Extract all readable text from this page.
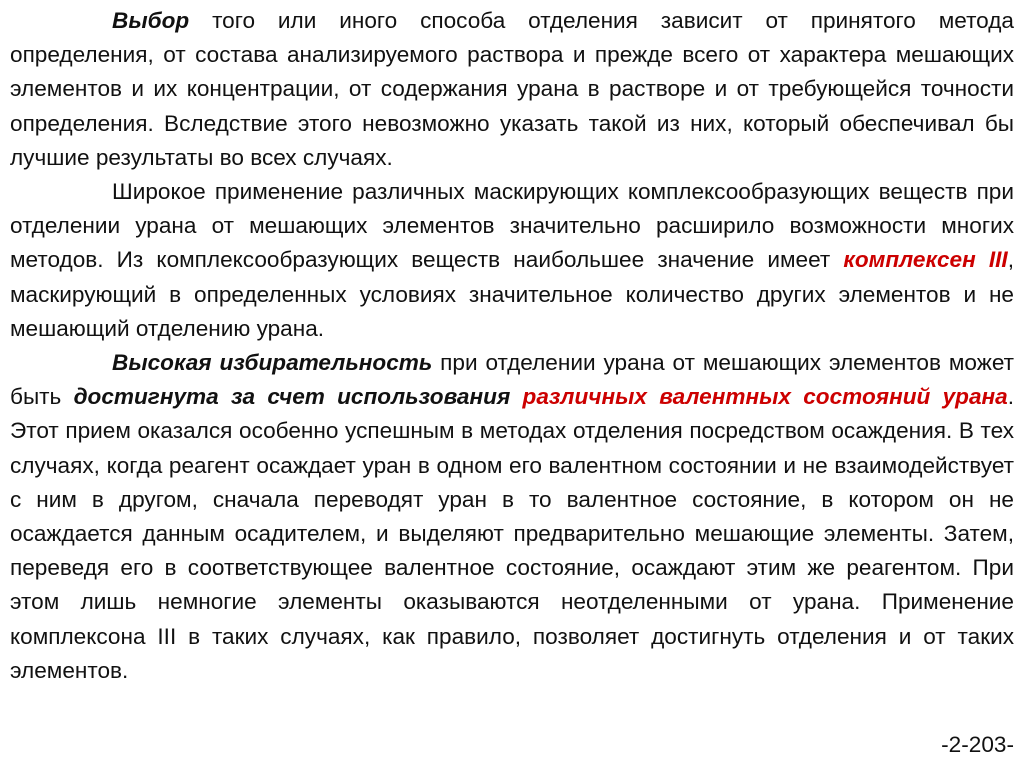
Выбор того или иного способа отделения зависит от принятого метода определения, от состава анализируемого раствора и прежде всего от характера мешающих элементов и их концентрации, от содержания урана в растворе и от требующейся точности определения. Вследствие этого невозможно указать такой из них, который обеспечивал бы лучшие результаты во всех случаях.

Широкое применение различных маскирующих комплексообразующих веществ при отделении урана от мешающих элементов значительно расширило возможности многих методов. Из комплексообразующих веществ наибольшее значение имеет комплексен III, маскирующий в определенных условиях значительное количество других элементов и не мешающий отделению урана.

Высокая избирательность при отделении урана от мешающих элементов может быть достигнута за счет использования различных валентных состояний урана. Этот прием оказался особенно успешным в методах отделения посредством осаждения. В тех случаях, когда реагент осаждает уран в одном его валентном состоянии и не взаимодействует с ним в другом, сначала переводят уран в то валентное состояние, в котором он не осаждается данным осадителем, и выделяют предварительно мешающие элементы. Затем, переведя его в соответствующее валентное состояние, осаждают этим же реагентом. При этом лишь немногие элементы оказываются неотделенными от урана. Применение комплексона III в таких случаях, как правило, позволяет достигнуть отделения и от таких элементов.

-2-203-
